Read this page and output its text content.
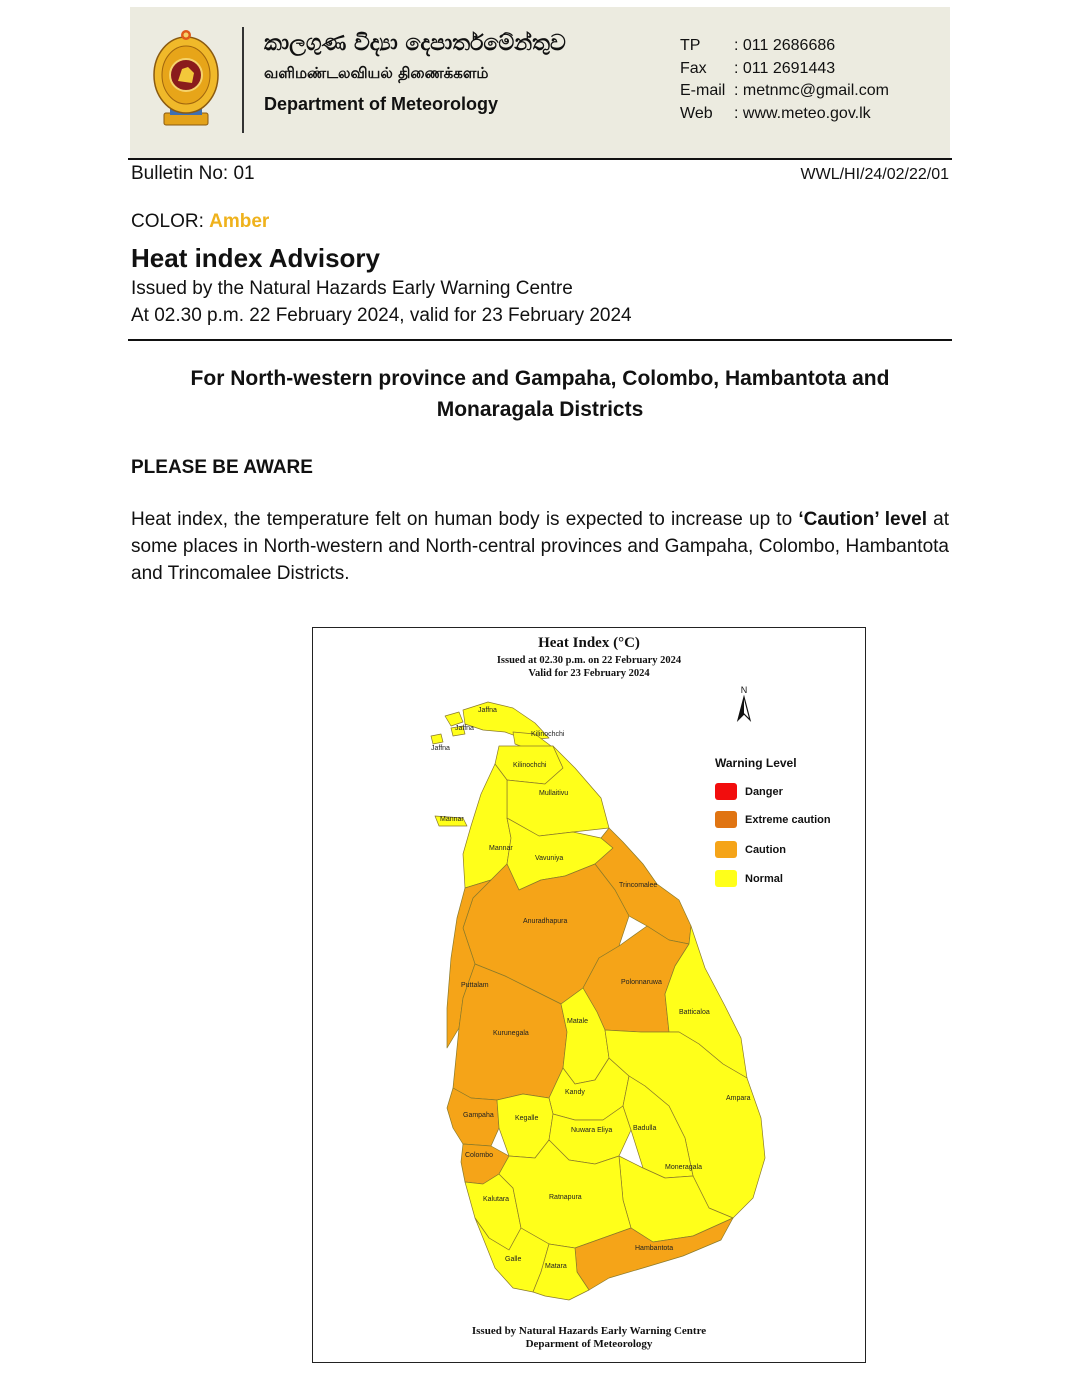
කාලගුණ විද්‍යා දෙපාර්තමේන්තුව
வளிமண்டலவியல் திணைக்களம்
Department of Meteorology
TP : 011 2686686
Fax : 011 2691443
E-mail : metnmc@gmail.com
Web : www.meteo.gov.lk
Bulletin No: 01	WWL/HI/24/02/22/01
COLOR: Amber
Heat index Advisory
Issued by the Natural Hazards Early Warning Centre
At 02.30 p.m. 22 February 2024, valid for 23 February 2024
For North-western province and Gampaha, Colombo, Hambantota and
Monaragala Districts
PLEASE BE AWARE
Heat index, the temperature felt on human body is expected to increase up to ‘Caution’ level at some places in North-western and North-central provinces and Gampaha, Colombo, Hambantota and Trincomalee Districts.
Heat Index (°C)
Issued at 02.30 p.m. on 22 February 2024
Valid for 23 February 2024
Jaffna
Jaffna
Jaffna
Kilinochchi
Kilinochchi
Mullaitivu
Mannar
Mannar
Vavuniya
Trincomalee
Anuradhapura
Puttalam	Polonnaruwa
Batticaloa
Kurunegala
Matale
Kandy
Ampara
Gampaha	Kegalle
Nuwara Eliya	Badulla
Colombo
Moneragala
Kalutara	Ratnapura
Hambantota
Galle
Matara
N
Warning Level
Danger
Extreme caution
Caution
Normal
Issued by Natural Hazards Early Warning Centre
Deparment of Meteorology
